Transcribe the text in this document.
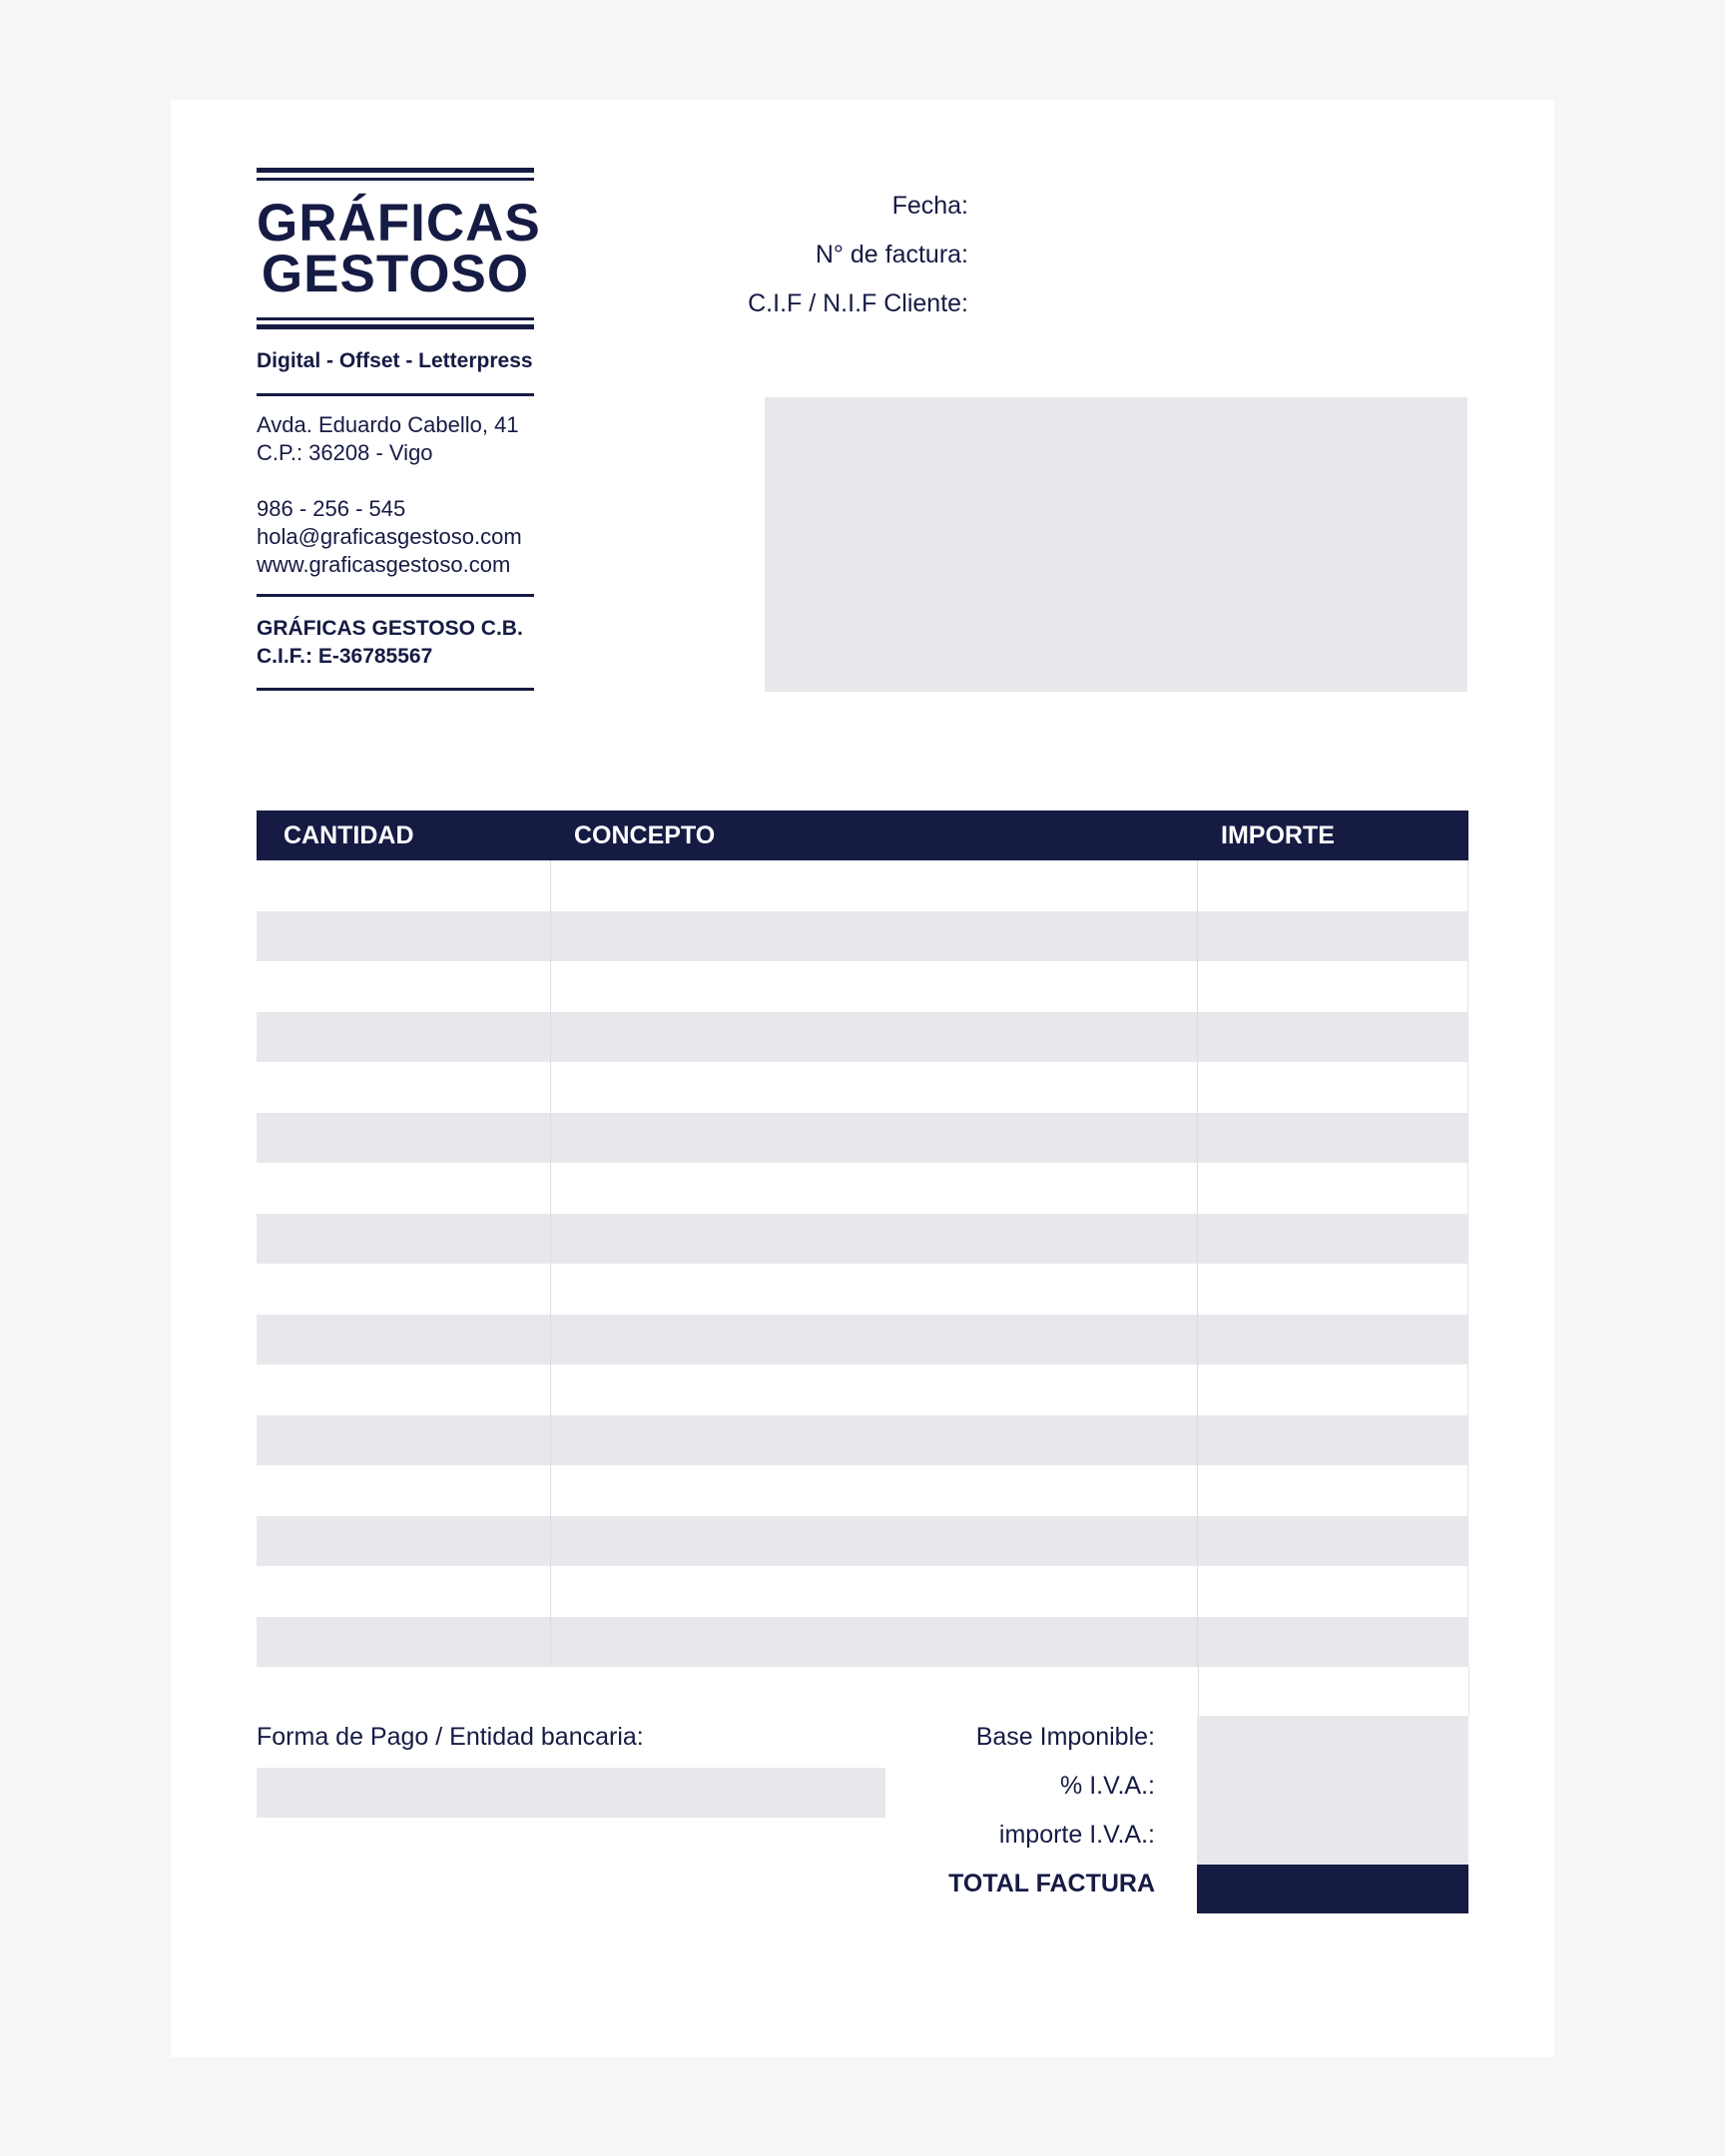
GRÁFICAS
GESTOSO
Digital - Offset - Letterpress
Avda. Eduardo Cabello, 41
C.P.: 36208 - Vigo
986 - 256 - 545
hola@graficasgestoso.com
www.graficasgestoso.com
GRÁFICAS GESTOSO C.B.
C.I.F.: E-36785567
Fecha:
N° de factura:
C.I.F / N.I.F Cliente:
CANTIDAD	CONCEPTO	IMPORTE
Forma de Pago / Entidad bancaria:	Base Imponible:
% I.V.A.:
importe I.V.A.:
TOTAL FACTURA
